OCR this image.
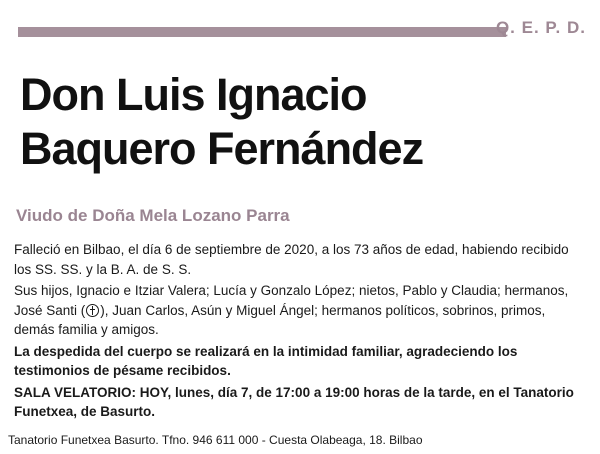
Q. E. P. D.
Don Luis Ignacio
Baquero Fernández
Viudo de Doña Mela Lozano Parra

Falleció en Bilbao, el día 6 de septiembre de 2020, a los 73 años de edad, habiendo recibido los SS. SS. y la B. A. de S. S.

Sus hijos, Ignacio e Itziar Valera; Lucía y Gonzalo López; nietos, Pablo y Claudia; hermanos, José Santi ( ), Juan Carlos, Asún y Miguel Ángel; hermanos políticos, sobrinos, primos, demás familia y amigos.

La despedida del cuerpo se realizará en la intimidad familiar, agradeciendo los testimonios de pésame recibidos.

SALA VELATORIO: HOY, lunes, día 7, de 17:00 a 19:00 horas de la tarde, en el Tanatorio Funetxea, de Basurto.

Tanatorio Funetxea Basurto. Tfno. 946 611 000 - Cuesta Olabeaga, 18. Bilbao
